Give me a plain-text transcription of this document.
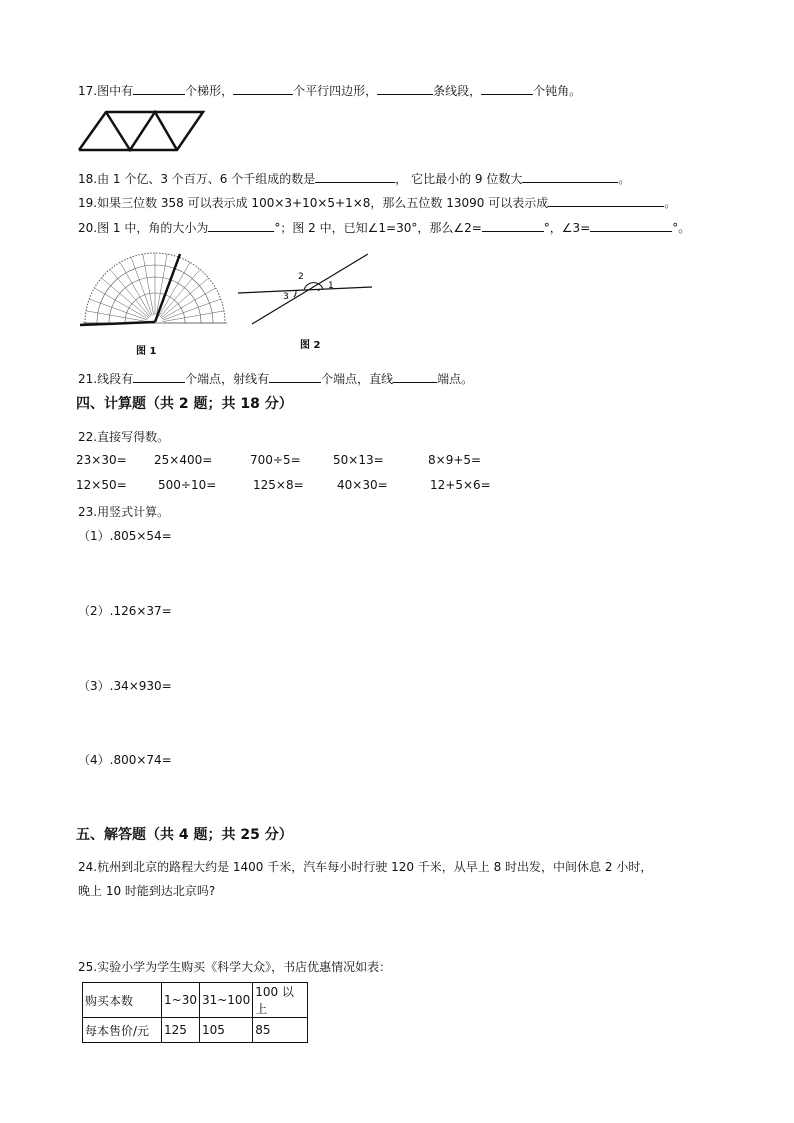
17.图中有	个梯形，	个平行四边形，	条线段，	个钝角。
18.由 1 个亿、3 个百万、6 个千组成的数是	， 它比最小的 9 位数大	。
19.如果三位数 358 可以表示成 100×3+10×5+1×8，那么五位数 13090 可以表示成	。
20.图 1 中，角的大小为	°；图 2 中，已知∠1=30°，那么∠2=	°，∠3=	°。
图 1
2
1
3
图 2
21.线段有	个端点，射线有	个端点，直线	端点。
四、计算题（共 2 题；共 18 分）
22.直接写得数。
23×30= 25×400=	700÷5=	50×13=	8×9+5=
12×50=	500÷10=	125×8=	40×30=	12+5×6=
23.用竖式计算。
（1）.805×54=
（2）.126×37=
（3）.34×930=
（4）.800×74=
五、解答题（共 4 题；共 25 分）
24.杭州到北京的路程大约是 1400 千米，汽车每小时行驶 120 千米，从早上 8 时出发，中间休息 2 小时，
晚上 10 时能到达北京吗?
25.实验小学为学生购买《科学大众》，书店优惠情况如表：
购买本数	1~30	31~100	100 以上
每本售价/元	125	105	85
